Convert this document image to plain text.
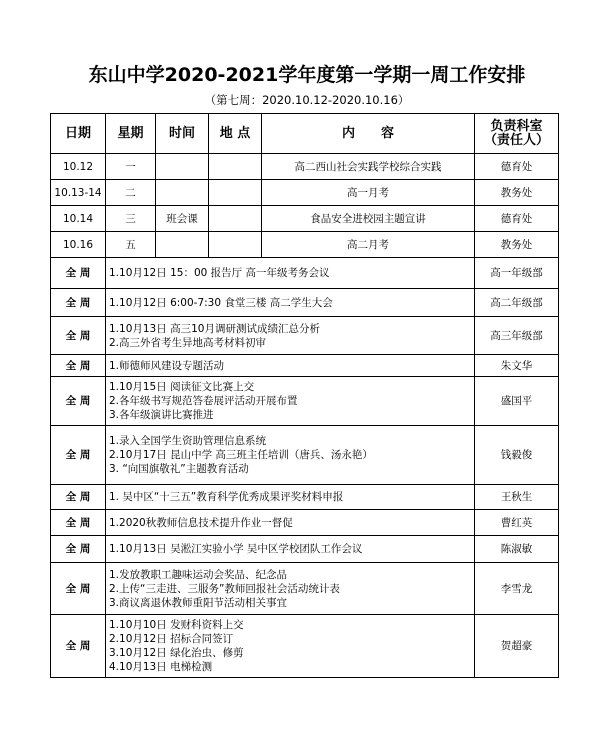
东山中学2020-2021学年度第一学期一周工作安排
（第七周：2020.10.12-2020.10.16）
日期	星期	时间	地 点	内　　容	负责科室
（责任人）

10.12	一			高二西山社会实践学校综合实践	德育处
10.13-14	二			高一月考	教务处
10.14	三	班会课		食品安全进校园主题宣讲	德育处
10.16	五			高二月考	教务处
全 周	1.10月12日 15：00 报告厅 高一年级考务会议				高一年级部
全 周	1.10月12日 6:00-7:30 食堂三楼 高二学生大会				高二年级部
全 周	1.10月13日 高三10月调研测试成绩汇总分析
2.高三外省考生异地高考材料初审				高三年级部
全 周	1.师德师风建设专题活动				朱文华
全 周	1.10月15日 阅读征文比赛上交
2.各年级书写规范答卷展评活动开展布置
3.各年级演讲比赛推进				盛国平
全 周	1.录入全国学生资助管理信息系统
2.10月17日 昆山中学 高三班主任培训（唐兵、汤永艳）
3. “向国旗敬礼”主题教育活动				钱毅俊
全 周	1. 吴中区“十三五”教育科学优秀成果评奖材料申报				王秋生
全 周	1.2020秋教师信息技术提升作业一督促				曹红英
全 周	1.10月13日 吴淞江实验小学 吴中区学校团队工作会议				陈淑敏
全 周	1.发放教职工趣味运动会奖品、纪念品
2.上传“三走进、三服务”教师回报社会活动统计表
3.商议离退休教师重阳节活动相关事宜				李雪龙
全 周	1.10月10日 发财科资料上交
2.10月12日 招标合同签订
3.10月12日 绿化治虫、修剪
4.10月13日 电梯检测				贺超豪
